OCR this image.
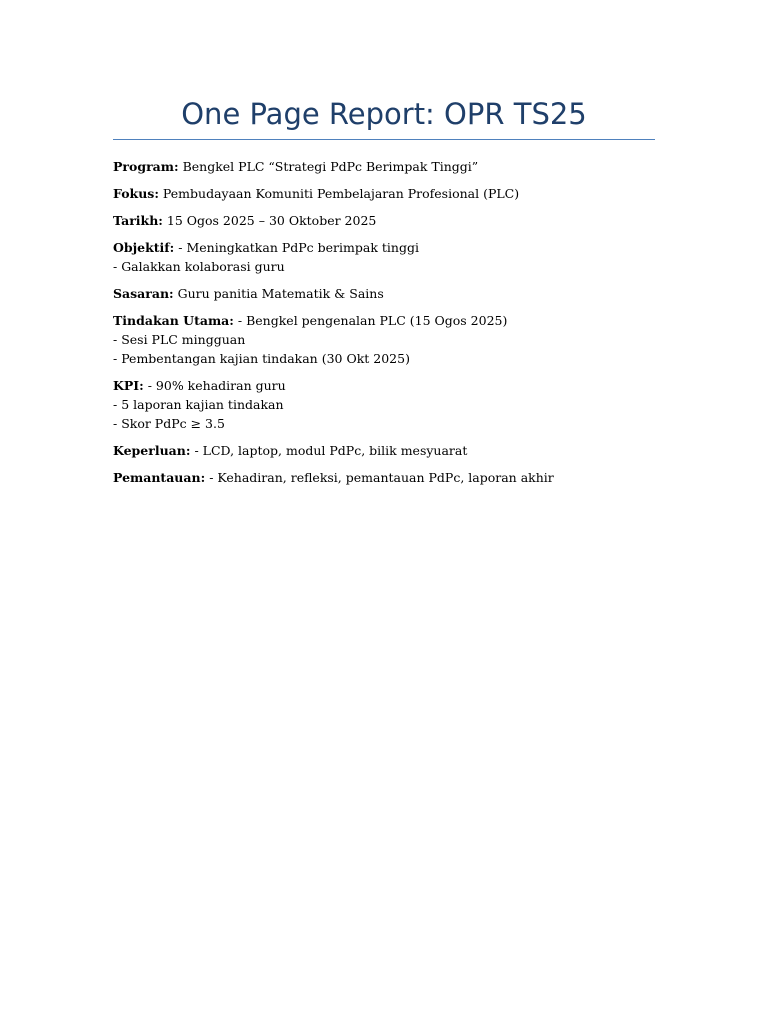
One Page Report: OPR TS25

Program: Bengkel PLC “Strategi PdPc Berimpak Tinggi”

Fokus: Pembudayaan Komuniti Pembelajaran Profesional (PLC)

Tarikh: 15 Ogos 2025 – 30 Oktober 2025

Objektif: - Meningkatkan PdPc berimpak tinggi
- Galakkan kolaborasi guru

Sasaran: Guru panitia Matematik & Sains

Tindakan Utama: - Bengkel pengenalan PLC (15 Ogos 2025)
- Sesi PLC mingguan
- Pembentangan kajian tindakan (30 Okt 2025)

KPI: - 90% kehadiran guru
- 5 laporan kajian tindakan
- Skor PdPc ≥ 3.5

Keperluan: - LCD, laptop, modul PdPc, bilik mesyuarat

Pemantauan: - Kehadiran, refleksi, pemantauan PdPc, laporan akhir
